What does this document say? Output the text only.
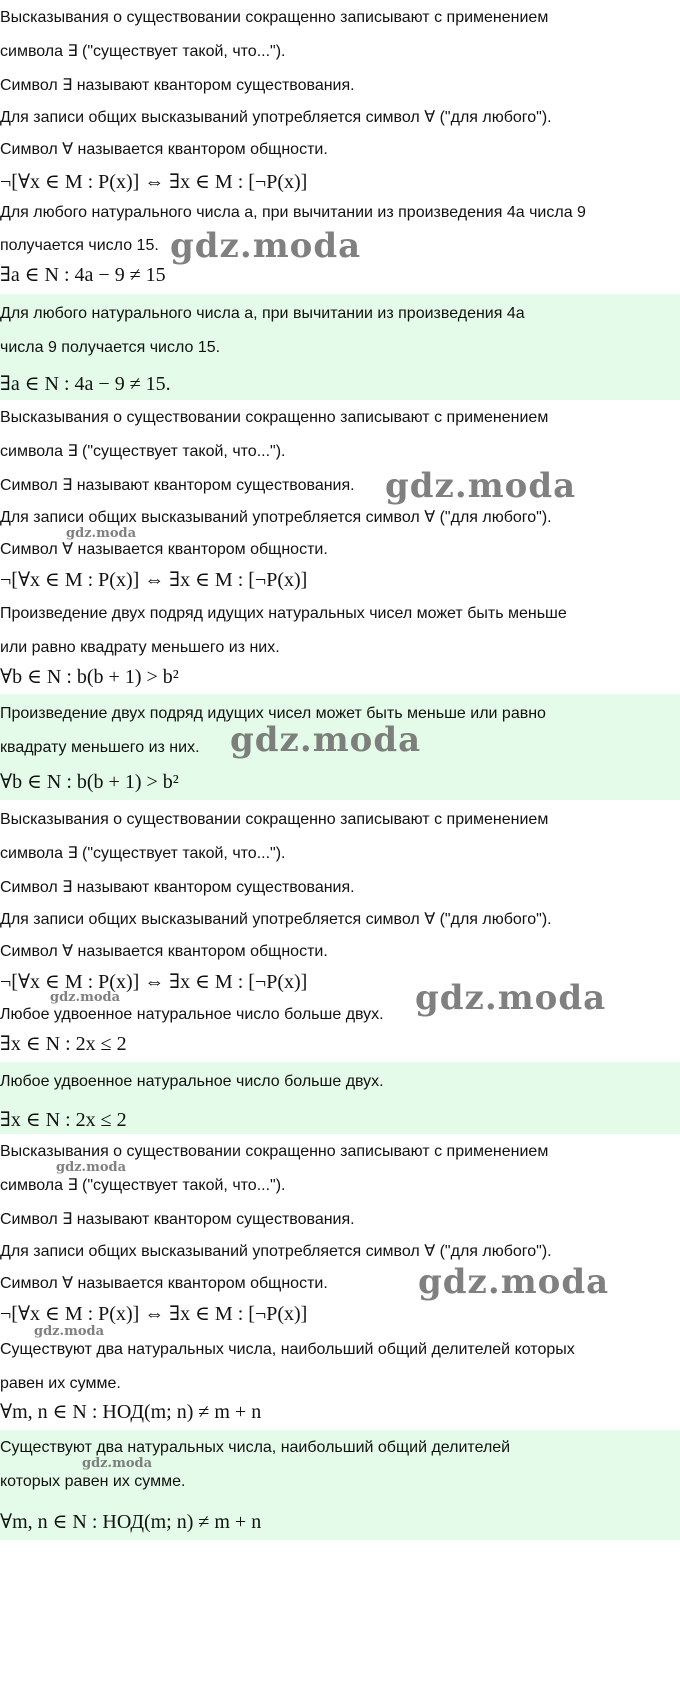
Высказывания о существовании сокращенно записывают с применением
символа ∃ ("существует такой, что...").
Символ ∃ называют квантором существования.
Для записи общих высказываний употребляется символ ∀ ("для любого").
Символ ∀ называется квантором общности.
¬[∀x ∈ M : P(x)] ⇔ ∃x ∈ M : [¬P(x)]
Для любого натурального числа a, при вычитании из произведения 4a числа 9
получается число 15.
∃a ∈ N : 4a − 9 ≠ 15
gdz.moda
Для любого натурального числа a, при вычитании из произведения 4a
числа 9 получается число 15.
∃a ∈ N : 4a − 9 ≠ 15.
Высказывания о существовании сокращенно записывают с применением
символа ∃ ("существует такой, что...").
Символ ∃ называют квантором существования.
Для записи общих высказываний употребляется символ ∀ ("для любого").
Символ ∀ называется квантором общности.
¬[∀x ∈ M : P(x)] ⇔ ∃x ∈ M : [¬P(x)]
gdz.moda
gdz.moda
Произведение двух подряд идущих натуральных чисел может быть меньше
или равно квадрату меньшего из них.
∀b ∈ N : b(b + 1) > b²
Произведение двух подряд идущих чисел может быть меньше или равно
квадрату меньшего из них.
∀b ∈ N : b(b + 1) > b²
gdz.moda
Высказывания о существовании сокращенно записывают с применением
символа ∃ ("существует такой, что...").
Символ ∃ называют квантором существования.
Для записи общих высказываний употребляется символ ∀ ("для любого").
Символ ∀ называется квантором общности.
¬[∀x ∈ M : P(x)] ⇔ ∃x ∈ M : [¬P(x)]
gdz.moda	gdz.moda
Любое удвоенное натуральное число больше двух.
∃x ∈ N : 2x ≤ 2
Любое удвоенное натуральное число больше двух.
∃x ∈ N : 2x ≤ 2
Высказывания о существовании сокращенно записывают с применением
символа ∃ ("существует такой, что...").
Символ ∃ называют квантором существования.
Для записи общих высказываний употребляется символ ∀ ("для любого").
Символ ∀ называется квантором общности.
¬[∀x ∈ M : P(x)] ⇔ ∃x ∈ M : [¬P(x)]
gdz.moda
gdz.moda
gdz.moda
Существуют два натуральных числа, наибольший общий делителей которых
равен их сумме.
∀m, n ∈ N : НОД(m; n) ≠ m + n
Существуют два натуральных числа, наибольший общий делителей
которых равен их сумме.
∀m, n ∈ N : НОД(m; n) ≠ m + n
gdz.moda
